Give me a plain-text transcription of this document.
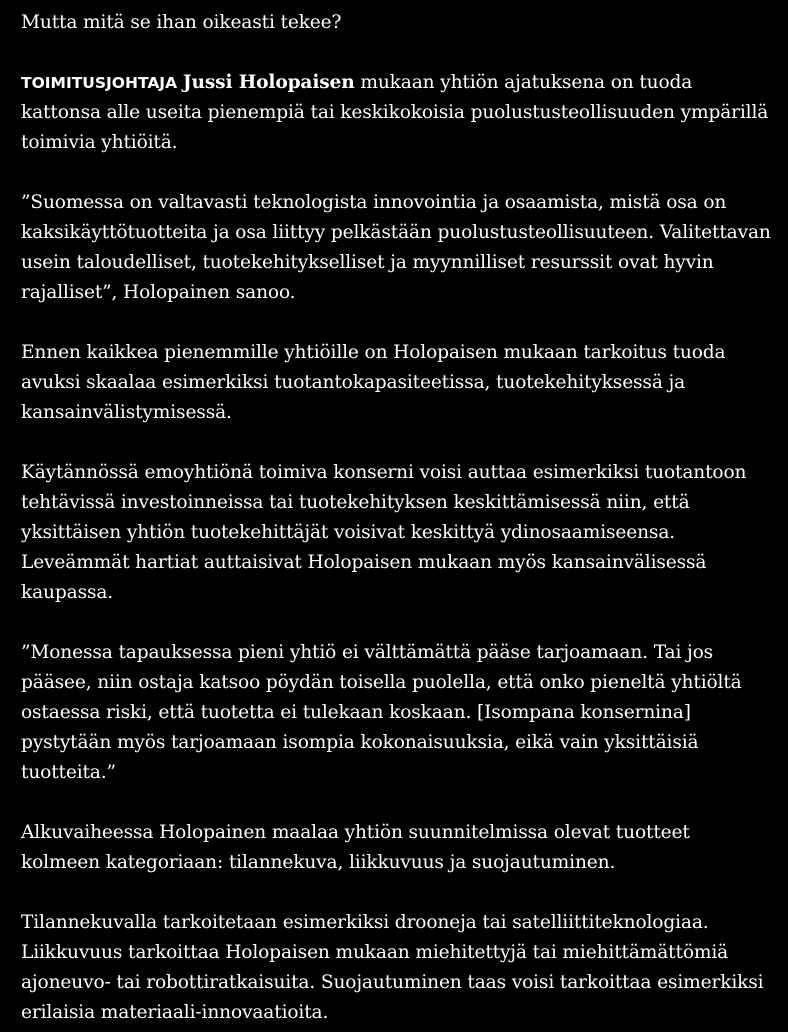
Mutta mitä se ihan oikeasti tekee?

TOIMITUSJOHTAJA Jussi Holopaisen mukaan yhtiön ajatuksena on tuoda kattonsa alle useita pienempiä tai keskikokoisia puolustusteollisuuden ympärillä toimivia yhtiöitä.

”Suomessa on valtavasti teknologista innovointia ja osaamista, mistä osa on kaksikäyttötuotteita ja osa liittyy pelkästään puolustusteollisuuteen. Valitettavan usein taloudelliset, tuotekehitykselliset ja myynnilliset resurssit ovat hyvin rajalliset”, Holopainen sanoo.

Ennen kaikkea pienemmille yhtiöille on Holopaisen mukaan tarkoitus tuoda avuksi skaalaa esimerkiksi tuotantokapasiteetissa, tuotekehityksessä ja kansainvälistymisessä.

Käytännössä emoyhtiönä toimiva konserni voisi auttaa esimerkiksi tuotantoon tehtävissä investoinneissa tai tuotekehityksen keskittämisessä niin, että yksittäisen yhtiön tuotekehittäjät voisivat keskittyä ydinosaamiseensa. Leveämmät hartiat auttaisivat Holopaisen mukaan myös kansainvälisessä kaupassa.

”Monessa tapauksessa pieni yhtiö ei välttämättä pääse tarjoamaan. Tai jos pääsee, niin ostaja katsoo pöydän toisella puolella, että onko pieneltä yhtiöltä ostaessa riski, että tuotetta ei tulekaan koskaan. [Isompana konsernina] pystytään myös tarjoamaan isompia kokonaisuuksia, eikä vain yksittäisiä tuotteita.”

Alkuvaiheessa Holopainen maalaa yhtiön suunnitelmissa olevat tuotteet kolmeen kategoriaan: tilannekuva, liikkuvuus ja suojautuminen.

Tilannekuvalla tarkoitetaan esimerkiksi drooneja tai satelliittiteknologiaa. Liikkuvuus tarkoittaa Holopaisen mukaan miehitettyjä tai miehittämättömiä ajoneuvo- tai robottiratkaisuita. Suojautuminen taas voisi tarkoittaa esimerkiksi erilaisia materiaali-innovaatioita.
